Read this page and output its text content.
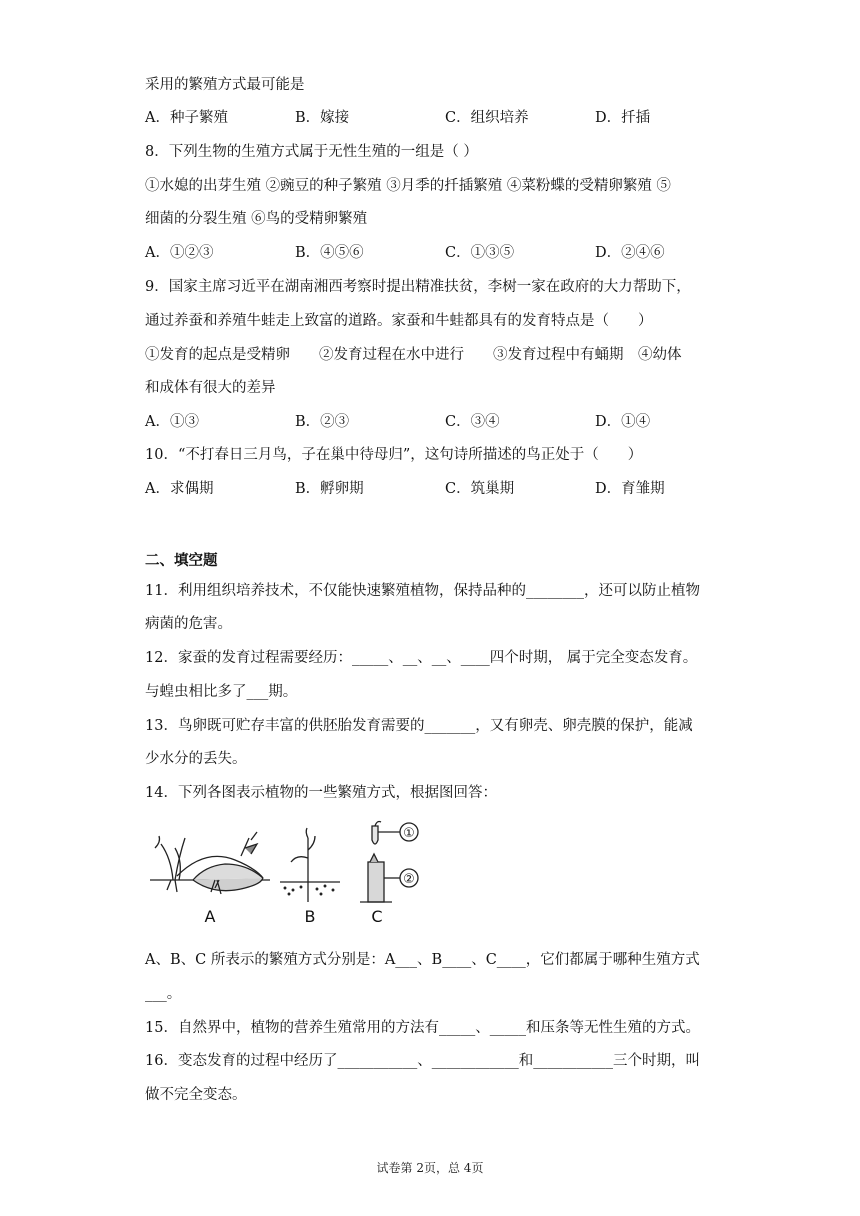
采用的繁殖方式最可能是
A．种子繁殖	B．嫁接	C．组织培养	D．扦插
8．下列生物的生殖方式属于无性生殖的一组是（ ）
①水媳的出芽生殖 ②豌豆的种子繁殖 ③月季的扦插繁殖 ④菜粉蝶的受精卵繁殖 ⑤
细菌的分裂生殖 ⑥鸟的受精卵繁殖
A．①②③	B．④⑤⑥	C．①③⑤	D．②④⑥
9．国家主席习近平在湖南湘西考察时提出精准扶贫，李树一家在政府的大力帮助下，
通过养蚕和养殖牛蛙走上致富的道路。家蚕和牛蛙都具有的发育特点是（　　）
①发育的起点是受精卵　　②发育过程在水中进行　　③发育过程中有蛹期　④幼体
和成体有很大的差异
A．①③	B．②③	C．③④	D．①④
10．“不打春日三月鸟，子在巢中待母归”，这句诗所描述的鸟正处于（　　）
A．求偶期	B．孵卵期	C．筑巢期	D．育雏期
二、填空题
11．利用组织培养技术，不仅能快速繁殖植物，保持品种的________，还可以防止植物
病菌的危害。
12．家蚕的发育过程需要经历：_____、__、__、____四个时期， 属于完全变态发育。
与蝗虫相比多了___期。
13．鸟卵既可贮存丰富的供胚胎发育需要的_______，又有卵壳、卵壳膜的保护，能减
少水分的丢失。
14．下列各图表示植物的一些繁殖方式，根据图回答：
①
②
A	B	C
A、B、C 所表示的繁殖方式分别是：A___、B____、C____，它们都属于哪种生殖方式
___。
15．自然界中，植物的营养生殖常用的方法有_____、_____和压条等无性生殖的方式。
16．变态发育的过程中经历了___________、____________和___________三个时期，叫
做不完全变态。
试卷第 2页，总 4页
